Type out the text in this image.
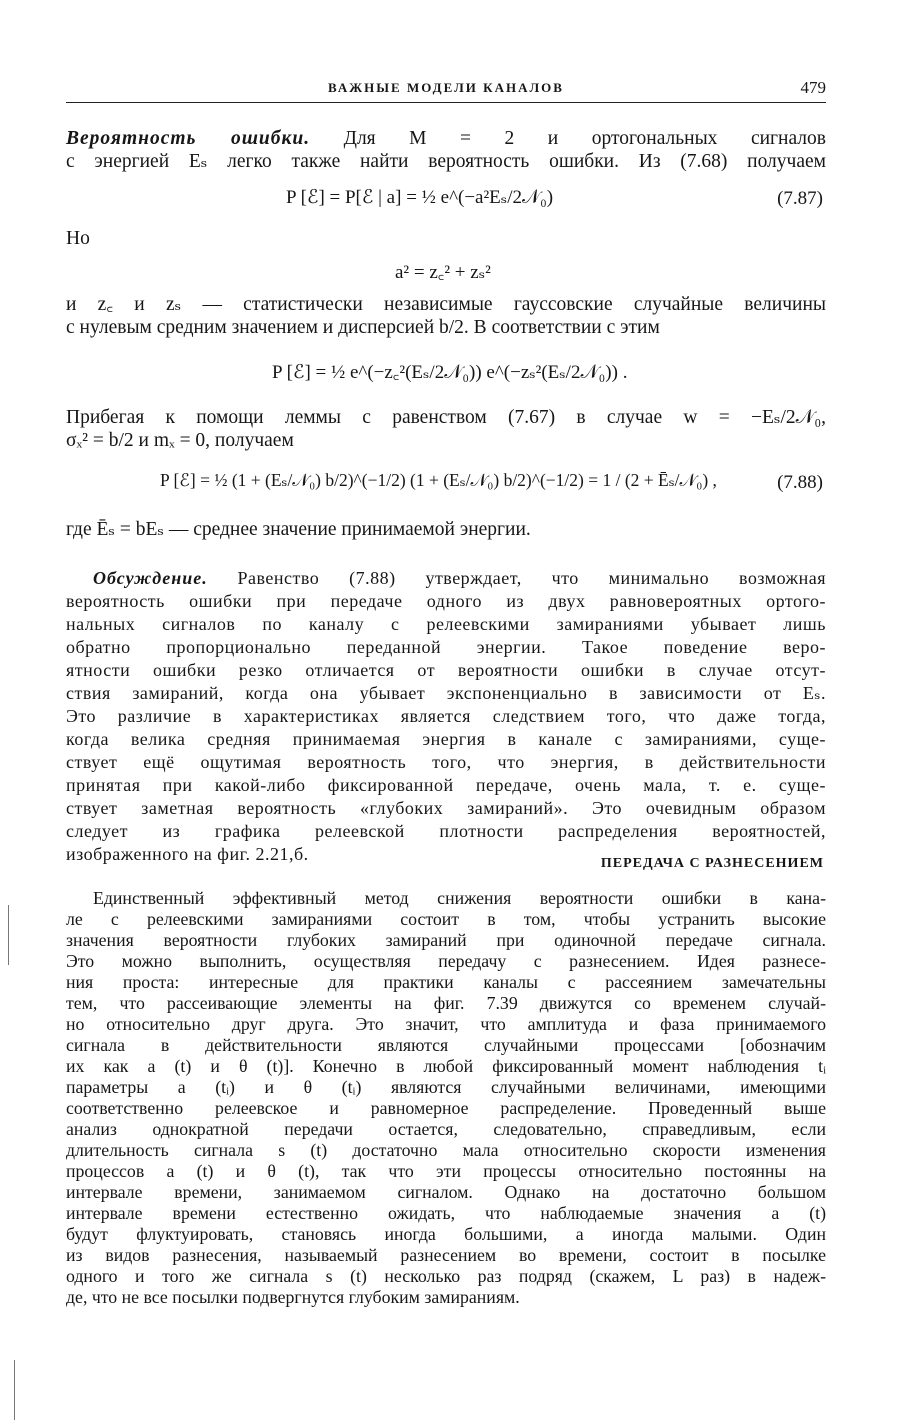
ВАЖНЫЕ МОДЕЛИ КАНАЛОВ	479
Вероятность ошибки. Для M = 2 и ортогональных сигналов
с энергией Eₛ легко также найти вероятность ошибки. Из (7.68) получаем
P [ℰ] = P[ℰ | a] = ½ e^(−a²Eₛ/2𝒩₀)	(7.87)
Но
a² = z꜀² + zₛ²
и z꜀ и zₛ — статистически независимые гауссовские случайные величины
с нулевым средним значением и дисперсией b/2. В соответствии с этим
P [ℰ] = ½ e^(−z꜀²(Eₛ/2𝒩₀)) e^(−zₛ²(Eₛ/2𝒩₀)) .
Прибегая к помощи леммы с равенством (7.67) в случае w = −Eₛ/2𝒩₀,
σₓ² = b/2 и mₓ = 0, получаем
P [ℰ] = ½ (1 + (Eₛ/𝒩₀) b/2)^(−1/2) (1 + (Eₛ/𝒩₀) b/2)^(−1/2) = 1 / (2 + Ēₛ/𝒩₀) ,	(7.88)
где Ēₛ = bEₛ — среднее значение принимаемой энергии.
Обсуждение. Равенство (7.88) утверждает, что минимально возможная
вероятность ошибки при передаче одного из двух равновероятных ортого-
нальных сигналов по каналу с релеевскими замираниями убывает лишь
обратно пропорционально переданной энергии. Такое поведение веро-
ятности ошибки резко отличается от вероятности ошибки в случае отсут-
ствия замираний, когда она убывает экспоненциально в зависимости от Eₛ.
Это различие в характеристиках является следствием того, что даже тогда,
когда велика средняя принимаемая энергия в канале с замираниями, суще-
ствует ещё ощутимая вероятность того, что энергия, в действительности
принятая при какой-либо фиксированной передаче, очень мала, т. е. суще-
ствует заметная вероятность «глубоких замираний». Это очевидным образом
следует из графика релеевской плотности распределения вероятностей,
изображенного на фиг. 2.21,б.	ПЕРЕДАЧА С РАЗНЕСЕНИЕМ
Единственный эффективный метод снижения вероятности ошибки в кана-
ле с релеевскими замираниями состоит в том, чтобы устранить высокие
значения вероятности глубоких замираний при одиночной передаче сигнала.
Это можно выполнить, осуществляя передачу с разнесением. Идея разнесе-
ния проста: интересные для практики каналы с рассеянием замечательны
тем, что рассеивающие элементы на фиг. 7.39 движутся со временем случай-
но относительно друг друга. Это значит, что амплитуда и фаза принимаемого
сигнала в действительности являются случайными процессами [обозначим
их как a (t) и θ (t)]. Конечно в любой фиксированный момент наблюдения tᵢ
параметры a (tᵢ) и θ (tᵢ) являются случайными величинами, имеющими
соответственно релеевское и равномерное распределение. Проведенный выше
анализ однократной передачи остается, следовательно, справедливым, если
длительность сигнала s (t) достаточно мала относительно скорости изменения
процессов a (t) и θ (t), так что эти процессы относительно постоянны на
интервале времени, занимаемом сигналом. Однако на достаточно большом
интервале времени естественно ожидать, что наблюдаемые значения a (t)
будут флуктуировать, становясь иногда большими, а иногда малыми. Один
из видов разнесения, называемый разнесением во времени, состоит в посылке
одного и того же сигнала s (t) несколько раз подряд (скажем, L раз) в надеж-
де, что не все посылки подвергнутся глубоким замираниям.
